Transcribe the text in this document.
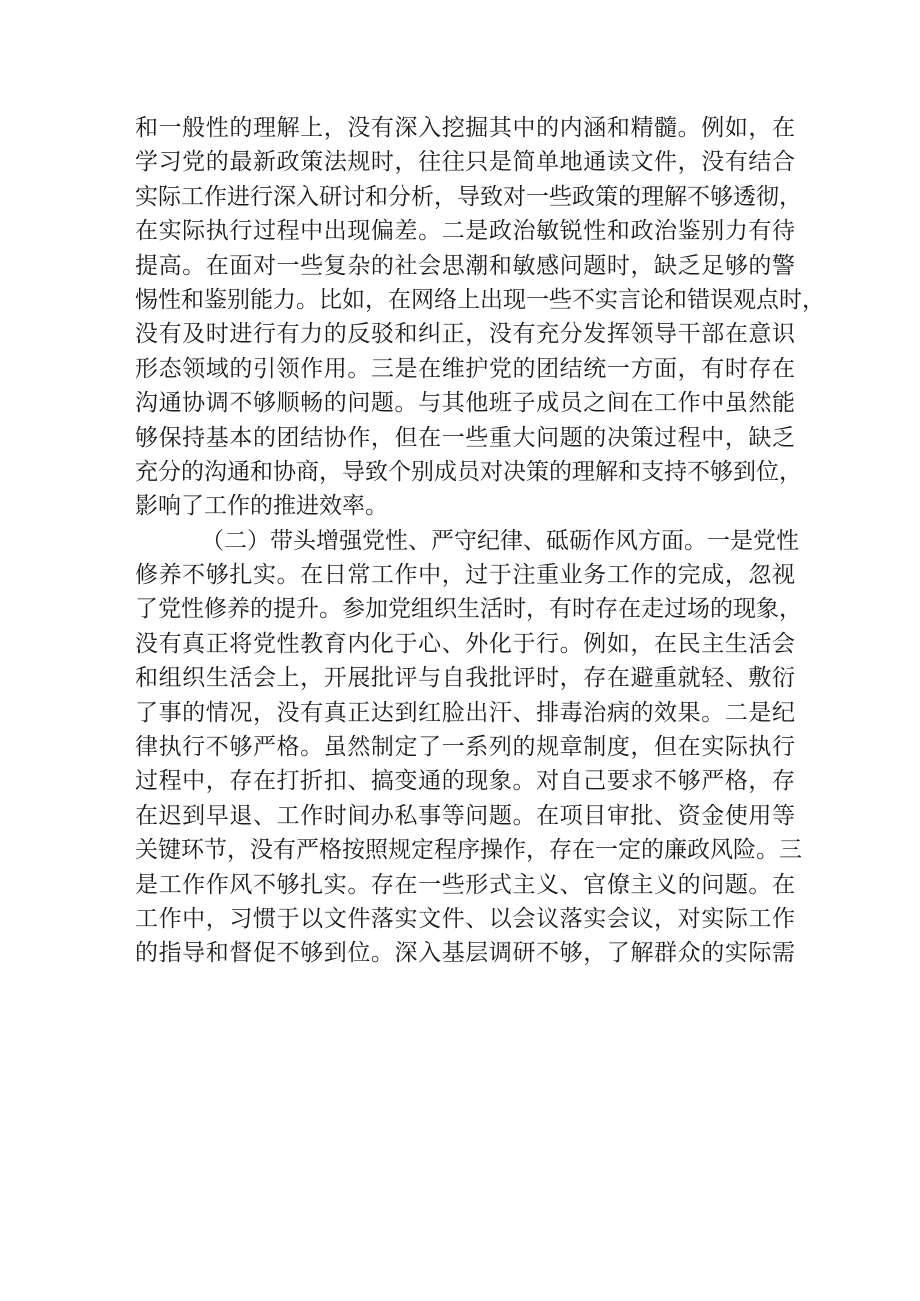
和一般性的理解上，没有深入挖掘其中的内涵和精髓。例如，在
学习党的最新政策法规时，往往只是简单地通读文件，没有结合
实际工作进行深入研讨和分析，导致对一些政策的理解不够透彻，
在实际执行过程中出现偏差。二是政治敏锐性和政治鉴别力有待
提高。在面对一些复杂的社会思潮和敏感问题时，缺乏足够的警
惕性和鉴别能力。比如，在网络上出现一些不实言论和错误观点时，
没有及时进行有力的反驳和纠正，没有充分发挥领导干部在意识
形态领域的引领作用。三是在维护党的团结统一方面，有时存在
沟通协调不够顺畅的问题。与其他班子成员之间在工作中虽然能
够保持基本的团结协作，但在一些重大问题的决策过程中，缺乏
充分的沟通和协商，导致个别成员对决策的理解和支持不够到位，
影响了工作的推进效率。
（二）带头增强党性、严守纪律、砥砺作风方面。一是党性
修养不够扎实。在日常工作中，过于注重业务工作的完成，忽视
了党性修养的提升。参加党组织生活时，有时存在走过场的现象，
没有真正将党性教育内化于心、外化于行。例如，在民主生活会
和组织生活会上，开展批评与自我批评时，存在避重就轻、敷衍
了事的情况，没有真正达到红脸出汗、排毒治病的效果。二是纪
律执行不够严格。虽然制定了一系列的规章制度，但在实际执行
过程中，存在打折扣、搞变通的现象。对自己要求不够严格，存
在迟到早退、工作时间办私事等问题。在项目审批、资金使用等
关键环节，没有严格按照规定程序操作，存在一定的廉政风险。三
是工作作风不够扎实。存在一些形式主义、官僚主义的问题。在
工作中，习惯于以文件落实文件、以会议落实会议，对实际工作
的指导和督促不够到位。深入基层调研不够，了解群众的实际需
